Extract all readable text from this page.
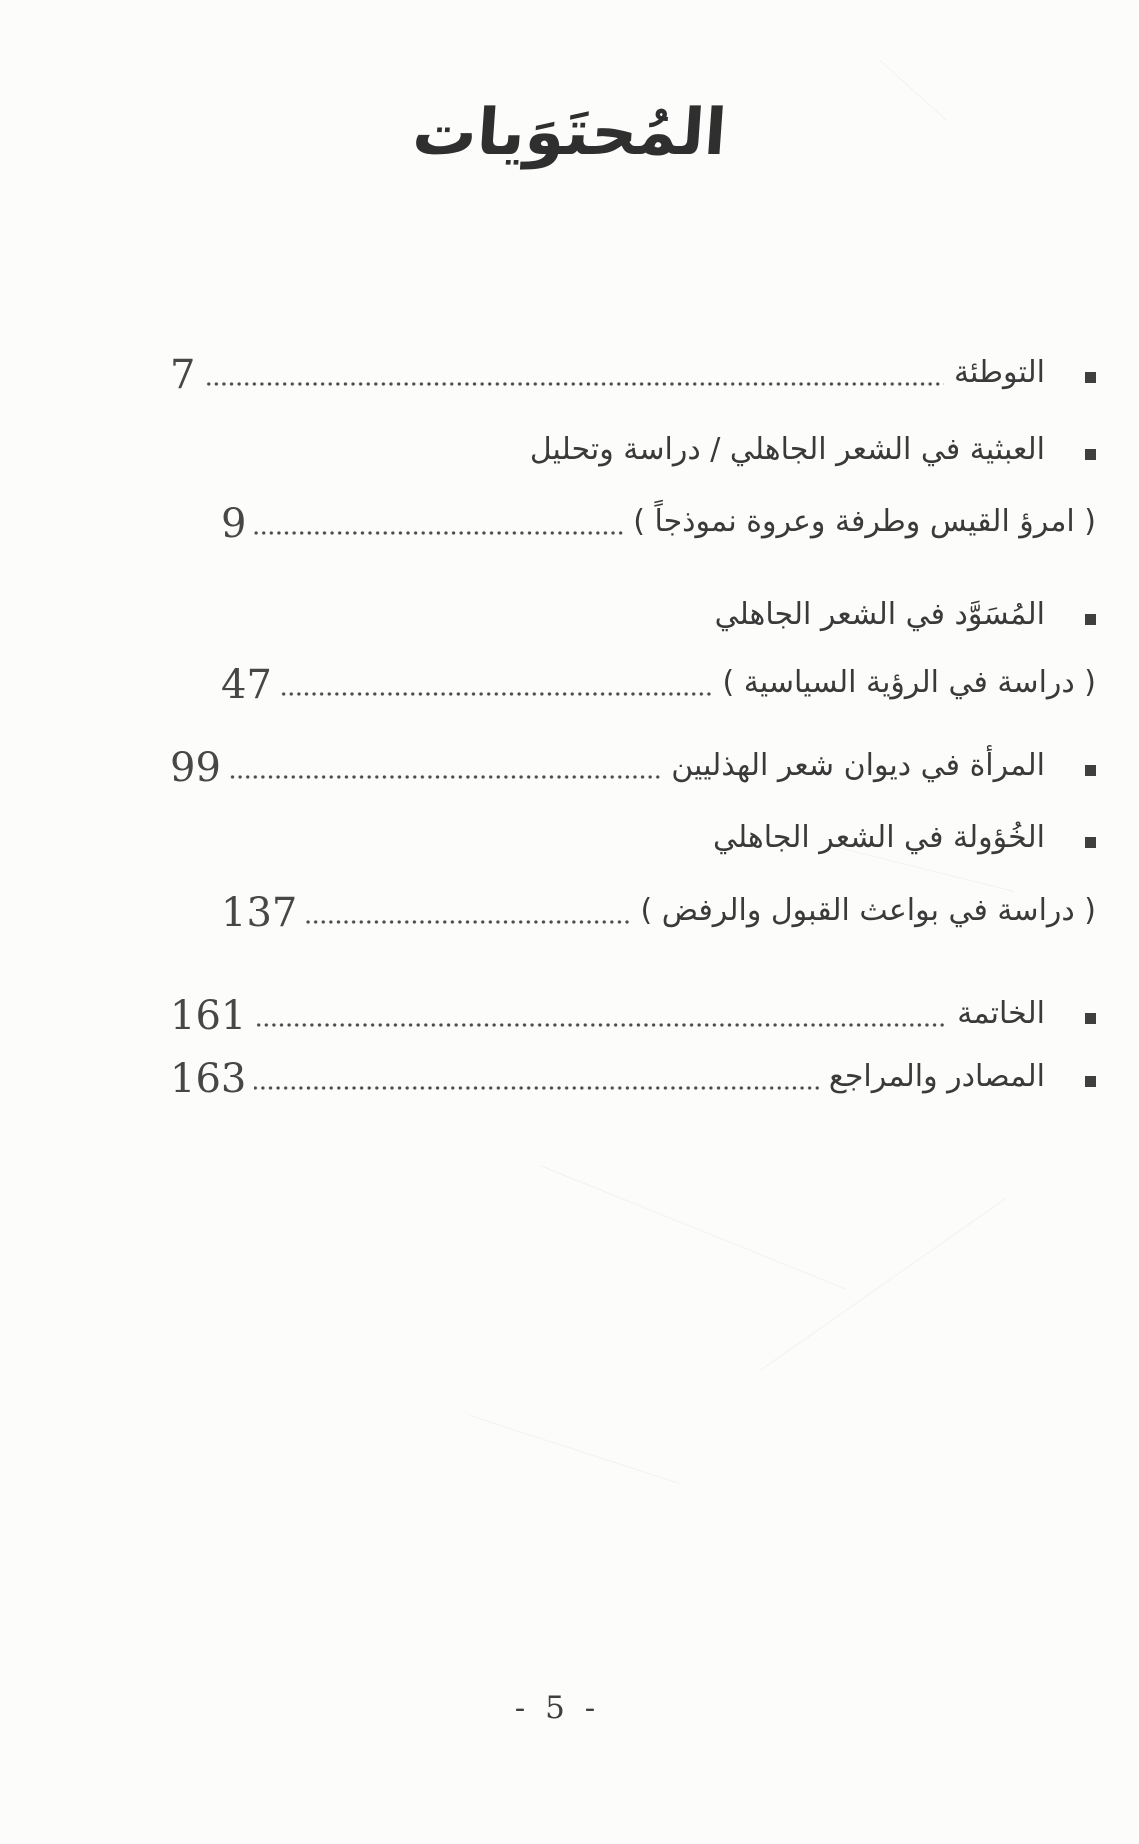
المُحتَوَيات
التوطئة
7
العبثية في الشعر الجاهلي / دراسة وتحليل
( امرؤ القيس وطرفة وعروة نموذجاً )
9
المُسَوَّد في الشعر الجاهلي
( دراسة في الرؤية السياسية )
47
المرأة في ديوان شعر الهذليين
99
الخُؤولة في الشعر الجاهلي
( دراسة في بواعث القبول والرفض )
137
الخاتمة
161
المصادر والمراجع
163
- 5 -
